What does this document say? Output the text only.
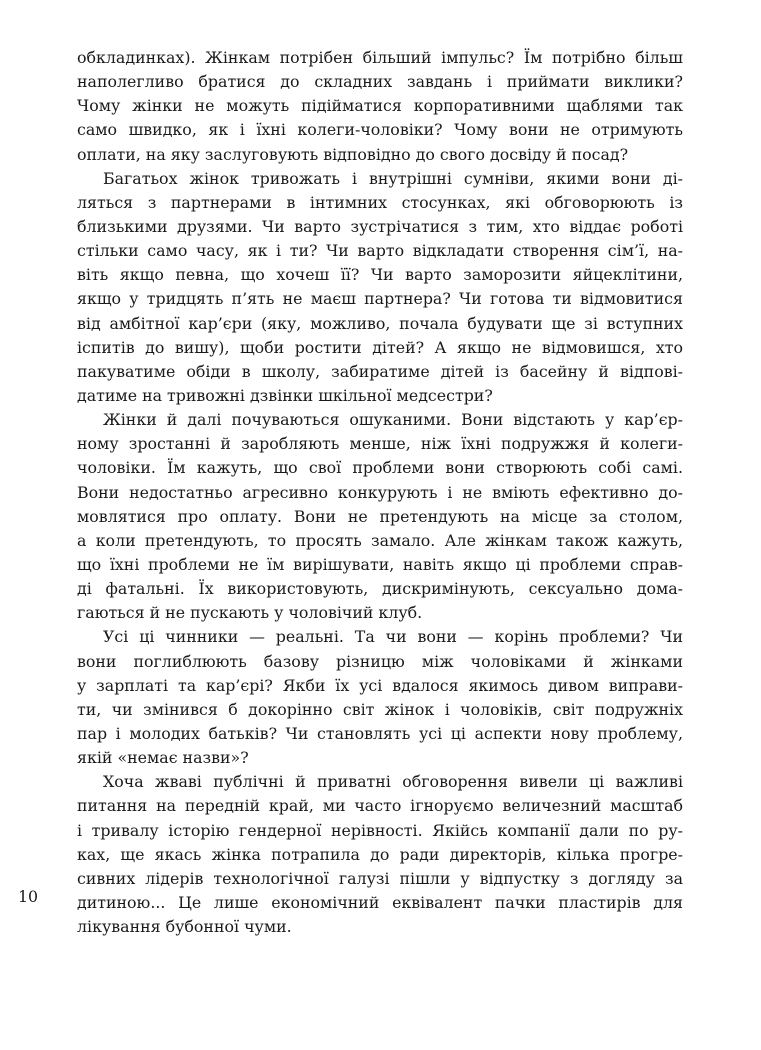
обкладинках). Жінкам потрібен більший імпульс? Їм потрібно більш
наполегливо братися до складних завдань і приймати виклики?
Чому жінки не можуть підійматися корпоративними щаблями так
само швидко, як і їхні колеги-чоловіки? Чому вони не отримують
оплати, на яку заслуговують відповідно до свого досвіду й посад?

Багатьох жінок тривожать і внутрішні сумніви, якими вони ді-
ляться з партнерами в інтимних стосунках, які обговорюють із
близькими друзями. Чи варто зустрічатися з тим, хто віддає роботі
стільки само часу, як і ти? Чи варто відкладати створення сім’ї, на-
віть якщо певна, що хочеш її? Чи варто заморозити яйцеклітини,
якщо у тридцять п’ять не маєш партнера? Чи готова ти відмовитися
від амбітної кар’єри (яку, можливо, почала будувати ще зі вступних
іспитів до вишу), щоби ростити дітей? А якщо не відмовишся, хто
пакуватиме обіди в школу, забиратиме дітей із басейну й відпові-
датиме на тривожні дзвінки шкільної медсестри?

Жінки й далі почуваються ошуканими. Вони відстають у кар’єр-
ному зростанні й заробляють менше, ніж їхні подружжя й колеги-
чоловіки. Їм кажуть, що свої проблеми вони створюють собі самі.
Вони недостатньо агресивно конкурують і не вміють ефективно до-
мовлятися про оплату. Вони не претендують на місце за столом,
а коли претендують, то просять замало. Але жінкам також кажуть,
що їхні проблеми не їм вирішувати, навіть якщо ці проблеми справ-
ді фатальні. Їх використовують, дискримінують, сексуально дома-
гаються й не пускають у чоловічий клуб.

Усі ці чинники — реальні. Та чи вони — корінь проблеми? Чи
вони поглиблюють базову різницю між чоловіками й жінками
у зарплаті та кар’єрі? Якби їх усі вдалося якимось дивом виправи-
ти, чи змінився б докорінно світ жінок і чоловіків, світ подружніх
пар і молодих батьків? Чи становлять усі ці аспекти нову проблему,
якій «немає назви»?

Хоча жваві публічні й приватні обговорення вивели ці важливі
питання на передній край, ми часто ігноруємо величезний масштаб
і тривалу історію гендерної нерівності. Якійсь компанії дали по ру-
ках, ще якась жінка потрапила до ради директорів, кілька прогре-
сивних лідерів технологічної галузі пішли у відпустку з догляду за
дитиною... Це лише економічний еквівалент пачки пластирів для
лікування бубонної чуми.

10
